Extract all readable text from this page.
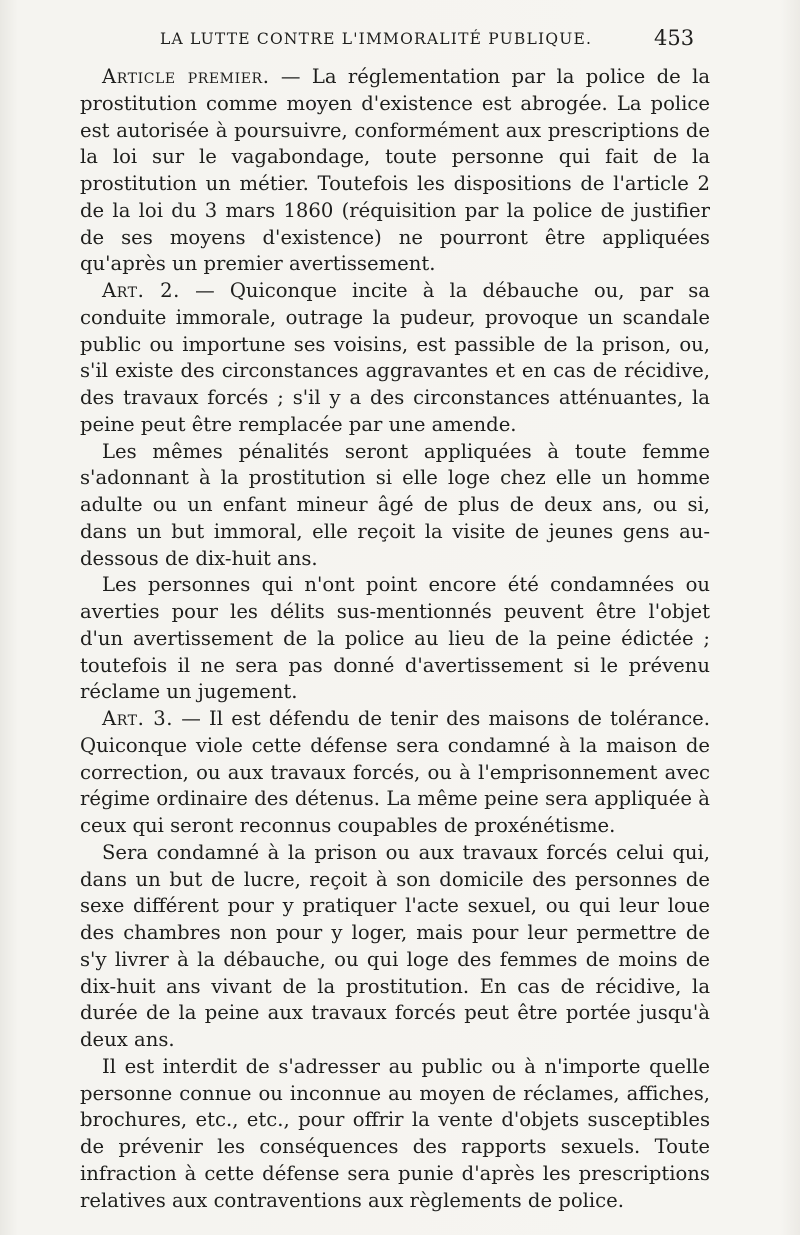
LA LUTTE CONTRE L'IMMORALITÉ PUBLIQUE.	453

Article premier. — La réglementation par la police de la prostitution comme moyen d'existence est abrogée. La police est autorisée à poursuivre, conformément aux prescriptions de la loi sur le vagabondage, toute personne qui fait de la prostitution un métier. Toutefois les dispositions de l'article 2 de la loi du 3 mars 1860 (réquisition par la police de justifier de ses moyens d'existence) ne pourront être appliquées qu'après un premier avertissement.

Art. 2. — Quiconque incite à la débauche ou, par sa conduite immorale, outrage la pudeur, provoque un scandale public ou importune ses voisins, est passible de la prison, ou, s'il existe des circonstances aggravantes et en cas de récidive, des travaux forcés ; s'il y a des circonstances atténuantes, la peine peut être remplacée par une amende.

Les mêmes pénalités seront appliquées à toute femme s'adonnant à la prostitution si elle loge chez elle un homme adulte ou un enfant mineur âgé de plus de deux ans, ou si, dans un but immoral, elle reçoit la visite de jeunes gens au-dessous de dix-huit ans.

Les personnes qui n'ont point encore été condamnées ou averties pour les délits sus-mentionnés peuvent être l'objet d'un avertissement de la police au lieu de la peine édictée ; toutefois il ne sera pas donné d'avertissement si le prévenu réclame un jugement.

Art. 3. — Il est défendu de tenir des maisons de tolérance. Quiconque viole cette défense sera condamné à la maison de correction, ou aux travaux forcés, ou à l'emprisonnement avec régime ordinaire des détenus. La même peine sera appliquée à ceux qui seront reconnus coupables de proxénétisme.

Sera condamné à la prison ou aux travaux forcés celui qui, dans un but de lucre, reçoit à son domicile des personnes de sexe différent pour y pratiquer l'acte sexuel, ou qui leur loue des chambres non pour y loger, mais pour leur permettre de s'y livrer à la débauche, ou qui loge des femmes de moins de dix-huit ans vivant de la prostitution. En cas de récidive, la durée de la peine aux travaux forcés peut être portée jusqu'à deux ans.

Il est interdit de s'adresser au public ou à n'importe quelle personne connue ou inconnue au moyen de réclames, affiches, brochures, etc., etc., pour offrir la vente d'objets susceptibles de prévenir les conséquences des rapports sexuels. Toute infraction à cette défense sera punie d'après les prescriptions relatives aux contraventions aux règlements de police.
